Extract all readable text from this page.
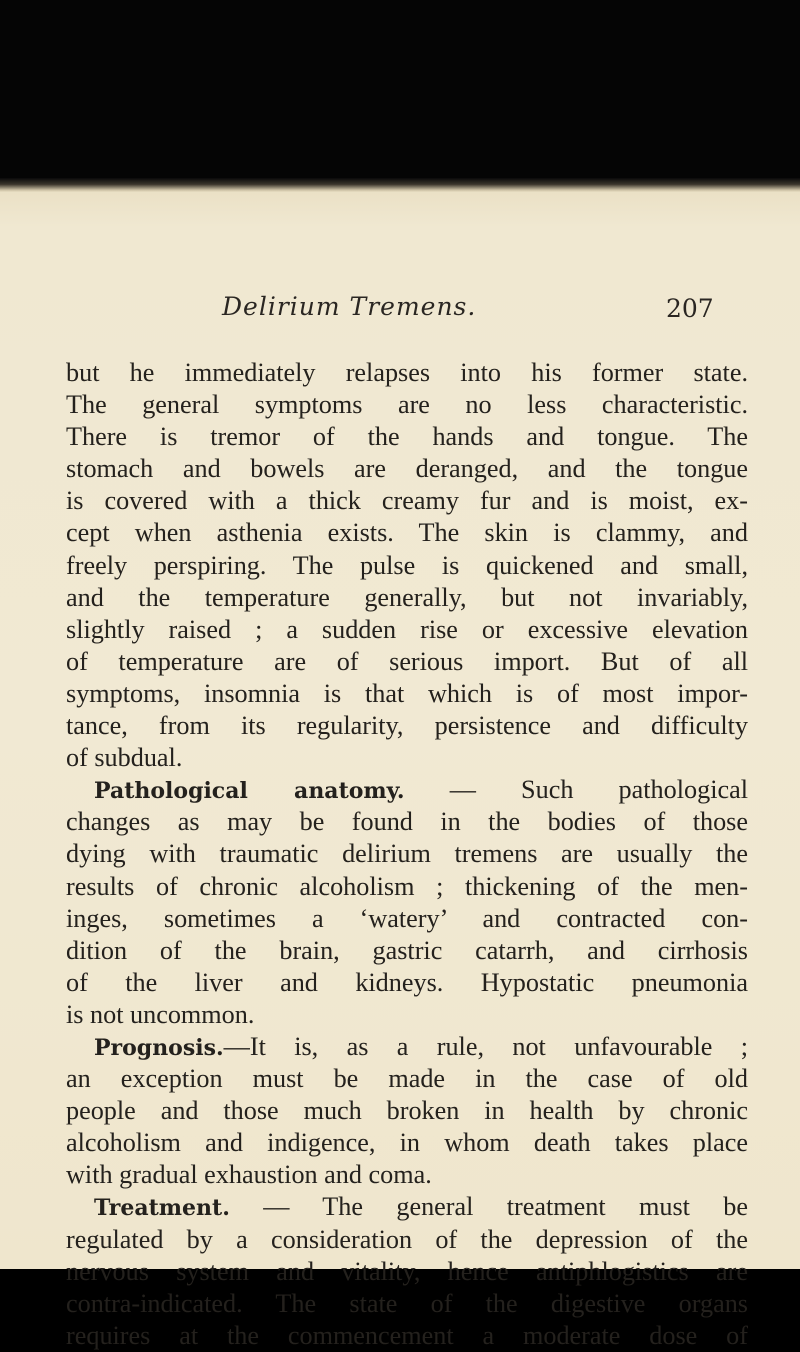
Delirium Tremens.	207
but he immediately relapses into his former state.
The general symptoms are no less characteristic.
There is tremor of the hands and tongue. The
stomach and bowels are deranged, and the tongue
is covered with a thick creamy fur and is moist, ex-
cept when asthenia exists. The skin is clammy, and
freely perspiring. The pulse is quickened and small,
and the temperature generally, but not invariably,
slightly raised ; a sudden rise or excessive elevation
of temperature are of serious import. But of all
symptoms, insomnia is that which is of most impor-
tance, from its regularity, persistence and difficulty
of subdual.
Pathological anatomy. — Such pathological
changes as may be found in the bodies of those
dying with traumatic delirium tremens are usually the
results of chronic alcoholism ; thickening of the men-
inges, sometimes a ‘watery’ and contracted con-
dition of the brain, gastric catarrh, and cirrhosis
of the liver and kidneys. Hypostatic pneumonia
is not uncommon.
Prognosis.—It is, as a rule, not unfavourable ;
an exception must be made in the case of old
people and those much broken in health by chronic
alcoholism and indigence, in whom death takes place
with gradual exhaustion and coma.
Treatment. — The general treatment must be
regulated by a consideration of the depression of the
nervous system and vitality, hence antiphlogistics are
contra-indicated. The state of the digestive organs
requires at the commencement a moderate dose of
